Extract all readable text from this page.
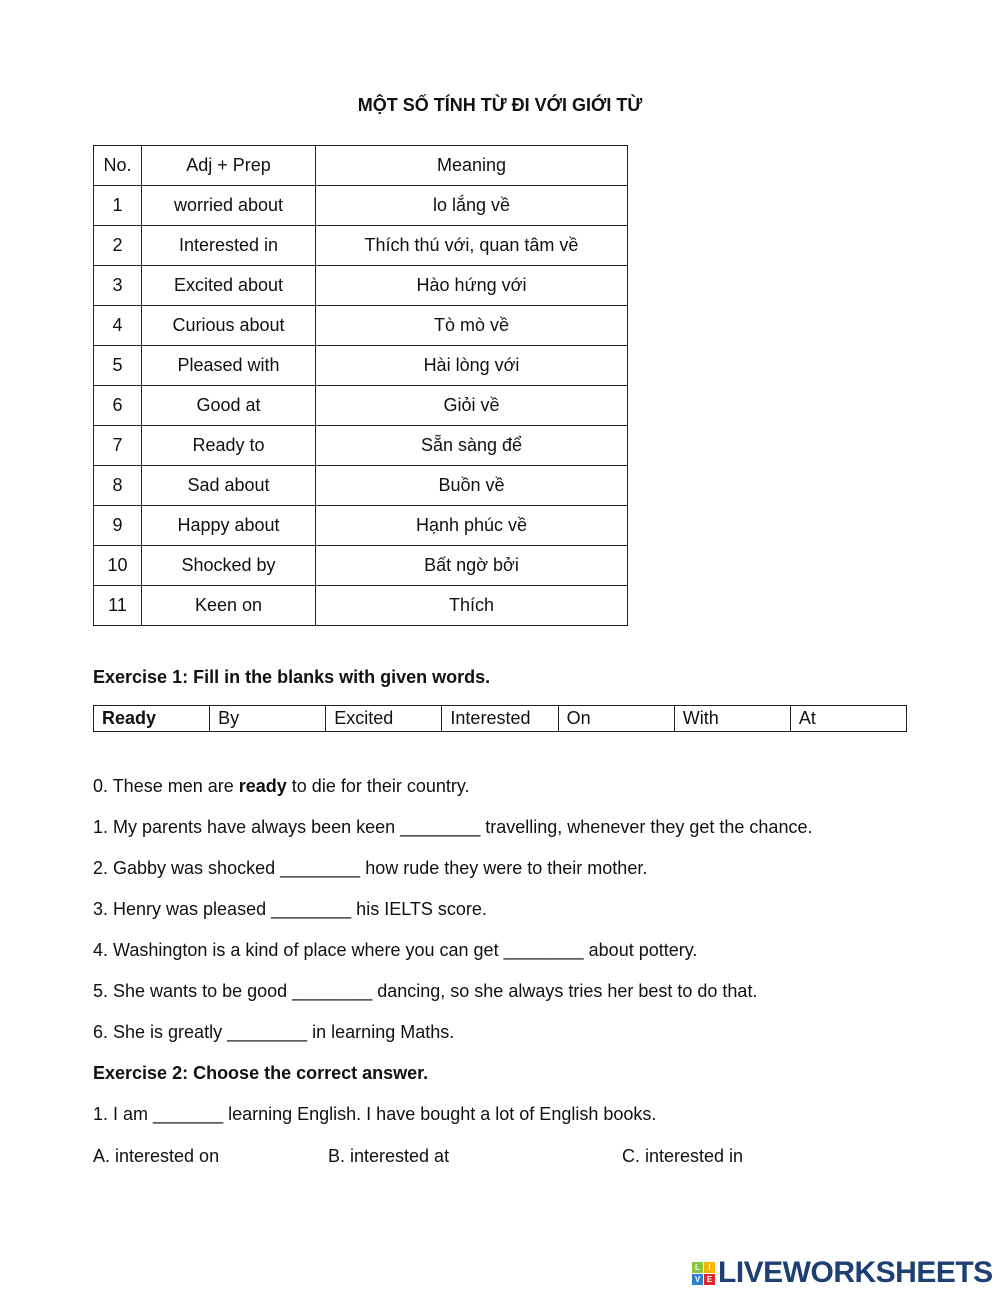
MỘT SỐ TÍNH TỪ ĐI VỚI GIỚI TỪ
No.	Adj + Prep	Meaning
1	worried about	lo lắng về
2	Interested in	Thích thú với, quan tâm về
3	Excited about	Hào hứng với
4	Curious about	Tò mò về
5	Pleased with	Hài lòng với
6	Good at	Giỏi về
7	Ready to	Sẵn sàng để
8	Sad about	Buồn về
9	Happy about	Hạnh phúc về
10	Shocked by	Bất ngờ bởi
11	Keen on	Thích
Exercise 1: Fill in the blanks with given words.
Ready	By	Excited	Interested	On	With	At
0. These men are ready to die for their country.
1. My parents have always been keen ________ travelling, whenever they get the chance.
2. Gabby was shocked ________ how rude they were to their mother.
3. Henry was pleased ________ his IELTS score.
4. Washington is a kind of place where you can get ________ about pottery.
5. She wants to be good ________ dancing, so she always tries her best to do that.
6. She is greatly ________ in learning Maths.
Exercise 2: Choose the correct answer.
1. I am _______ learning English. I have bought a lot of English books.
A. interested on	B. interested at	C. interested in
L	I
V E LIVEWORKSHEETS
